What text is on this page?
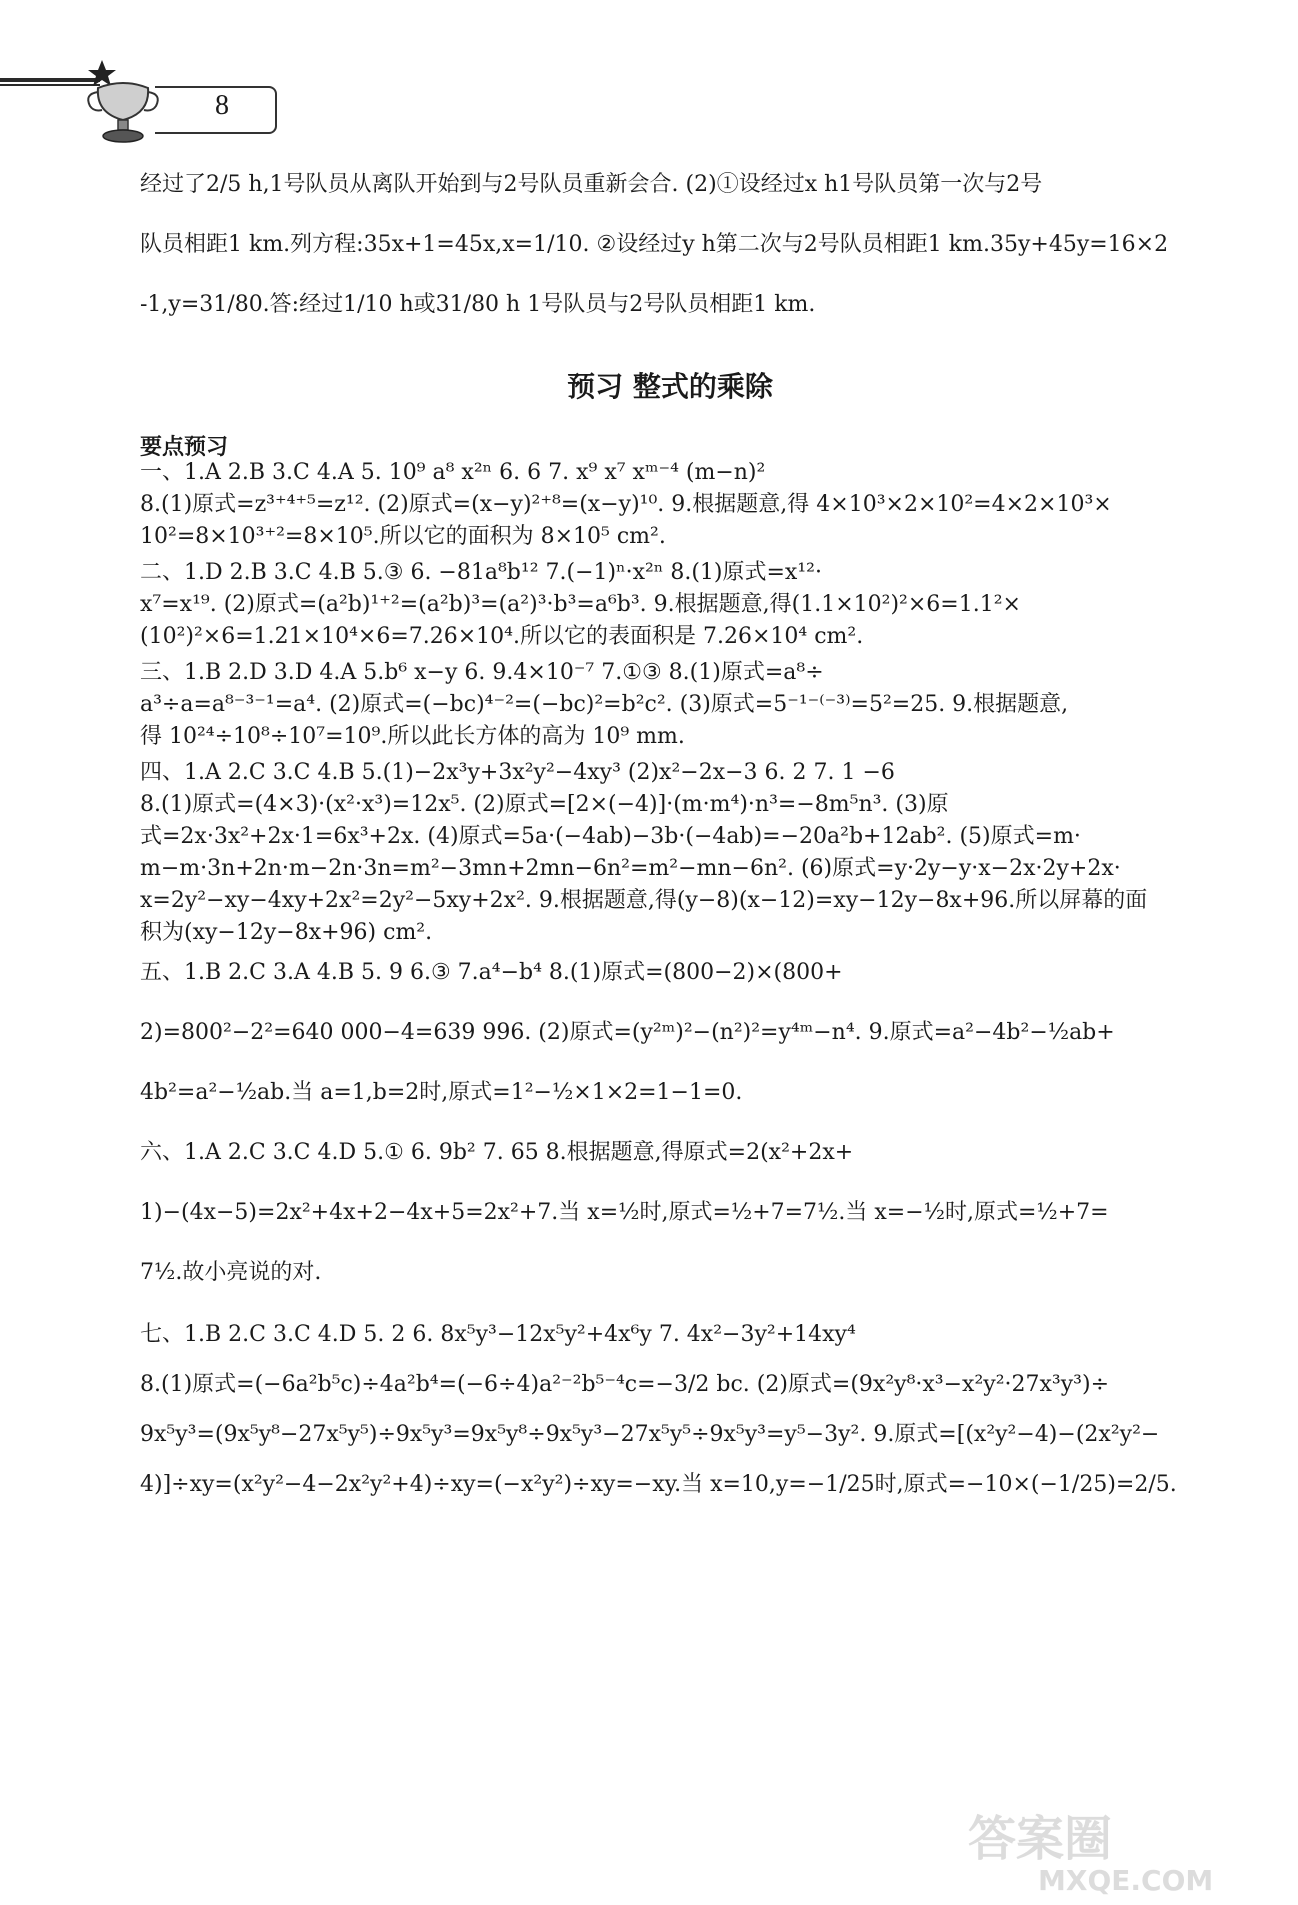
8
经过了2/5 h,1号队员从离队开始到与2号队员重新会合. (2)①设经过x h1号队员第一次与2号
队员相距1 km.列方程:35x+1=45x,x=1/10. ②设经过y h第二次与2号队员相距1 km.35y+45y=16×2
-1,y=31/80.答:经过1/10 h或31/80 h 1号队员与2号队员相距1 km.
预习 整式的乘除
要点预习
一、1.A 2.B 3.C 4.A 5. 10⁹ a⁸ x²ⁿ 6. 6 7. x⁹ x⁷ xᵐ⁻⁴ (m−n)²
8.(1)原式=z³⁺⁴⁺⁵=z¹². (2)原式=(x−y)²⁺⁸=(x−y)¹⁰. 9.根据题意,得 4×10³×2×10²=4×2×10³×
10²=8×10³⁺²=8×10⁵.所以它的面积为 8×10⁵ cm².
二、1.D 2.B 3.C 4.B 5.③ 6. −81a⁸b¹² 7.(−1)ⁿ·x²ⁿ 8.(1)原式=x¹²·
x⁷=x¹⁹. (2)原式=(a²b)¹⁺²=(a²b)³=(a²)³·b³=a⁶b³. 9.根据题意,得(1.1×10²)²×6=1.1²×
(10²)²×6=1.21×10⁴×6=7.26×10⁴.所以它的表面积是 7.26×10⁴ cm².
三、1.B 2.D 3.D 4.A 5.b⁶ x−y 6. 9.4×10⁻⁷ 7.①③ 8.(1)原式=a⁸÷
a³÷a=a⁸⁻³⁻¹=a⁴. (2)原式=(−bc)⁴⁻²=(−bc)²=b²c². (3)原式=5⁻¹⁻⁽⁻³⁾=5²=25. 9.根据题意,
得 10²⁴÷10⁸÷10⁷=10⁹.所以此长方体的高为 10⁹ mm.
四、1.A 2.C 3.C 4.B 5.(1)−2x³y+3x²y²−4xy³ (2)x²−2x−3 6. 2 7. 1 −6
8.(1)原式=(4×3)·(x²·x³)=12x⁵. (2)原式=[2×(−4)]·(m·m⁴)·n³=−8m⁵n³. (3)原
式=2x·3x²+2x·1=6x³+2x. (4)原式=5a·(−4ab)−3b·(−4ab)=−20a²b+12ab². (5)原式=m·
m−m·3n+2n·m−2n·3n=m²−3mn+2mn−6n²=m²−mn−6n². (6)原式=y·2y−y·x−2x·2y+2x·
x=2y²−xy−4xy+2x²=2y²−5xy+2x². 9.根据题意,得(y−8)(x−12)=xy−12y−8x+96.所以屏幕的面
积为(xy−12y−8x+96) cm².
五、1.B 2.C 3.A 4.B 5. 9 6.③ 7.a⁴−b⁴ 8.(1)原式=(800−2)×(800+
2)=800²−2²=640 000−4=639 996. (2)原式=(y²ᵐ)²−(n²)²=y⁴ᵐ−n⁴. 9.原式=a²−4b²−½ab+
4b²=a²−½ab.当 a=1,b=2时,原式=1²−½×1×2=1−1=0.
六、1.A 2.C 3.C 4.D 5.① 6. 9b² 7. 65 8.根据题意,得原式=2(x²+2x+
1)−(4x−5)=2x²+4x+2−4x+5=2x²+7.当 x=½时,原式=½+7=7½.当 x=−½时,原式=½+7=
7½.故小亮说的对.
七、1.B 2.C 3.C 4.D 5. 2 6. 8x⁵y³−12x⁵y²+4x⁶y 7. 4x²−3y²+14xy⁴
8.(1)原式=(−6a²b⁵c)÷4a²b⁴=(−6÷4)a²⁻²b⁵⁻⁴c=−3/2 bc. (2)原式=(9x²y⁸·x³−x²y²·27x³y³)÷
9x⁵y³=(9x⁵y⁸−27x⁵y⁵)÷9x⁵y³=9x⁵y⁸÷9x⁵y³−27x⁵y⁵÷9x⁵y³=y⁵−3y². 9.原式=[(x²y²−4)−(2x²y²−
4)]÷xy=(x²y²−4−2x²y²+4)÷xy=(−x²y²)÷xy=−xy.当 x=10,y=−1/25时,原式=−10×(−1/25)=2/5.
答案圈
MXQE.COM
